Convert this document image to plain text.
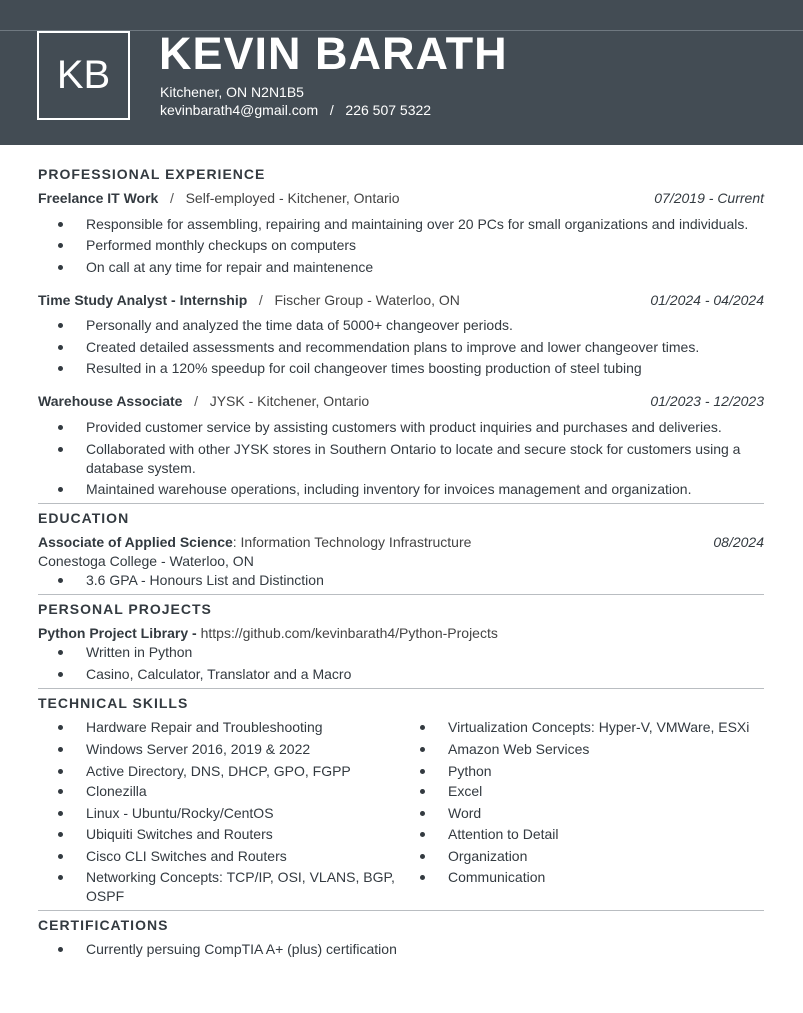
KB	KEVIN BARATH
Kitchener, ON N2N1B5
kevinbarath4@gmail.com / 226 507 5322
PROFESSIONAL EXPERIENCE
Freelance IT Work   /   Self-employed - Kitchener, Ontario	07/2019 - Current
Responsible for assembling, repairing and maintaining over 20 PCs for small organizations and individuals.
Performed monthly checkups on computers
On call at any time for repair and maintenence
Time Study Analyst - Internship   /   Fischer Group - Waterloo, ON	01/2024 - 04/2024
Personally and analyzed the time data of 5000+ changeover periods.
Created detailed assessments and recommendation plans to improve and lower changeover times.
Resulted in a 120% speedup for coil changeover times boosting production of steel tubing
Warehouse Associate   /   JYSK - Kitchener, Ontario	01/2023 - 12/2023
Provided customer service by assisting customers with product inquiries and purchases and deliveries.
Collaborated with other JYSK stores in Southern Ontario to locate and secure stock for customers using a
database system.
Maintained warehouse operations, including inventory for invoices management and organization.
EDUCATION
Associate of Applied Science: Information Technology Infrastructure	08/2024
Conestoga College - Waterloo, ON
3.6 GPA - Honours List and Distinction
PERSONAL PROJECTS
Python Project Library - https://github.com/kevinbarath4/Python-Projects
Written in Python
Casino, Calculator, Translator and a Macro
TECHNICAL SKILLS
Hardware Repair and Troubleshooting
Windows Server 2016, 2019 & 2022
Active Directory, DNS, DHCP, GPO, FGPP
Clonezilla
Linux - Ubuntu/Rocky/CentOS
Ubiquiti Switches and Routers
Cisco CLI Switches and Routers
Networking Concepts: TCP/IP, OSI, VLANS, BGP,
OSPF
Virtualization Concepts: Hyper-V, VMWare, ESXi
Amazon Web Services
Python
Excel
Word
Attention to Detail
Organization
Communication
CERTIFICATIONS
Currently persuing CompTIA A+ (plus) certification
